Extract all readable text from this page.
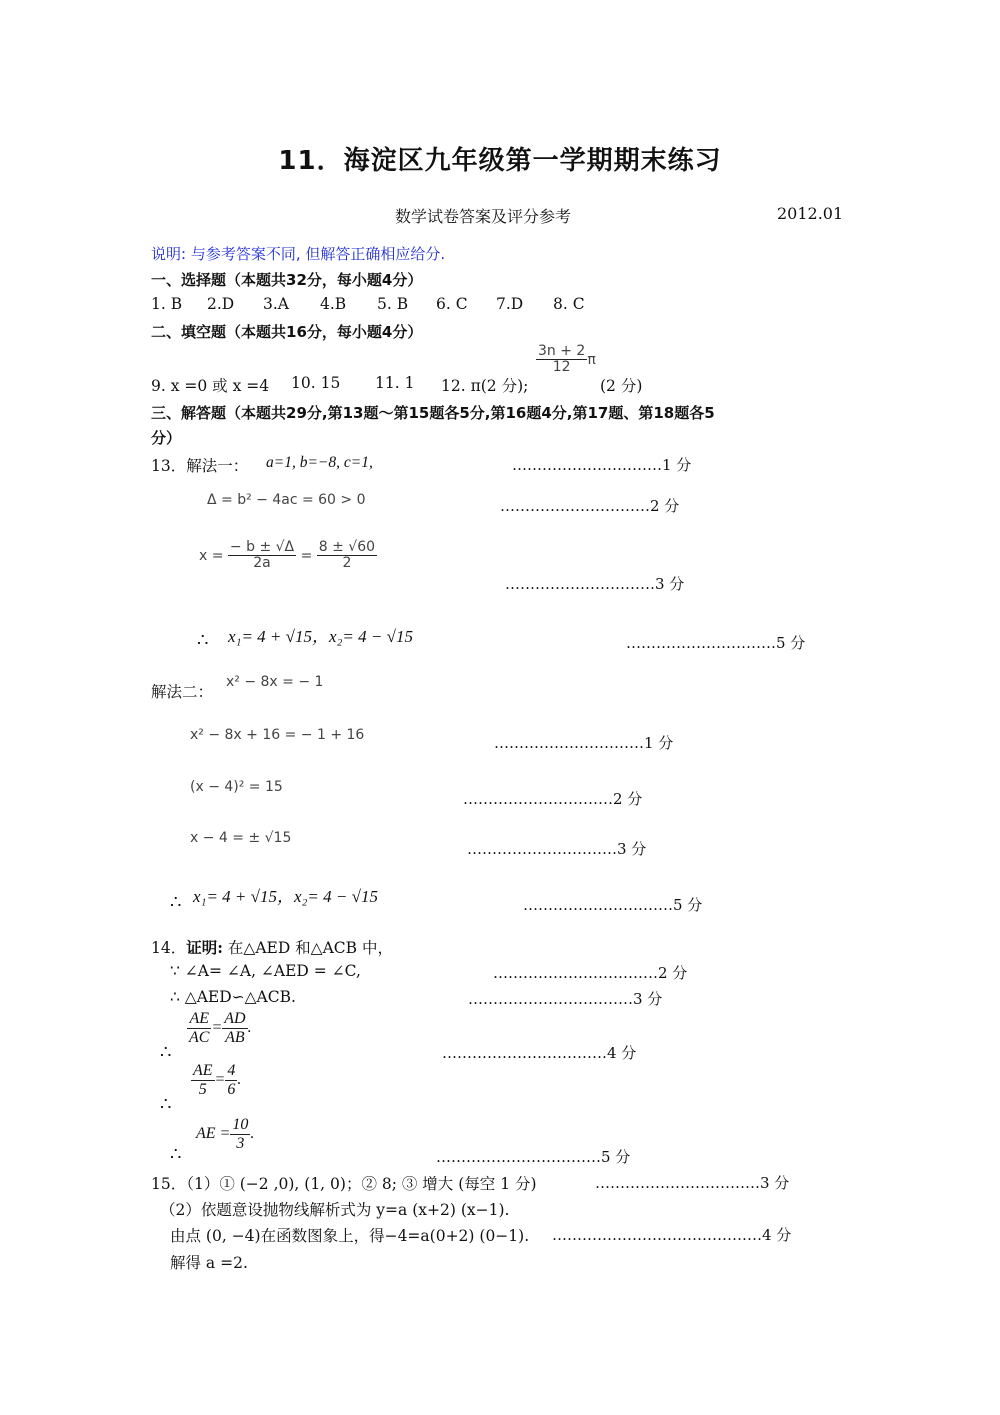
11．海淀区九年级第一学期期末练习
数学试卷答案及评分参考	2012.01
说明: 与参考答案不同, 但解答正确相应给分.
一、选择题（本题共32分，每小题4分）
1. B 2.D 3.A 4.B 5. B 6. C 7.D 8. C
二、填空题（本题共16分，每小题4分）
9. x =0 或 x =4 10. 15 11. 1 12. π(2 分);
$\frac{3n + 2}{12}$ π
(2 分)
三、解答题（本题共29分,第13题～第15题各5分,第16题4分,第17题、第18题各5
分）
13．解法一： a=1, b=−8, c=1,	…………………………1 分
Δ = b² − 4ac = 60 > 0	…………………………2 分
$x = \frac{- b \pm √\Delta}{2a} = \frac{8 \pm √60}{2}$
…………………………3 分
∴ x₁= 4 + √15，x₂= 4 − √15	…………………………5 分
解法二：
x² − 8x = − 1
x² − 8x + 16 = − 1 + 16	…………………………1 分
(x − 4)² = 15
…………………………2 分
x − 4 = ± √15
…………………………3 分
∴ x₁= 4 + √15，x₂= 4 − √15	…………………………5 分
14．证明: 在△AED 和△ACB 中，
∵ ∠A= ∠A, ∠AED = ∠C,	……………………………2 分
∴ △AED∽△ACB.	……………………………3 分
∴
$\frac{AE}{AC} = \frac{AD}{AB}$ .
……………………………4 分
∴
$\frac{AE}{5} = \frac{4}{6}$ .
∴
AE = $\frac{10}{3}$ .
……………………………5 分
15．（1）① (−2 ,0), (1, 0)；② 8; ③ 增大 (每空 1 分)	……………………………3 分
（2）依题意设抛物线解析式为 y=a (x+2) (x−1).
由点 (0, −4)在函数图象上，得−4=a(0+2) (0−1). ……………………………………4 分
解得 a =2.
